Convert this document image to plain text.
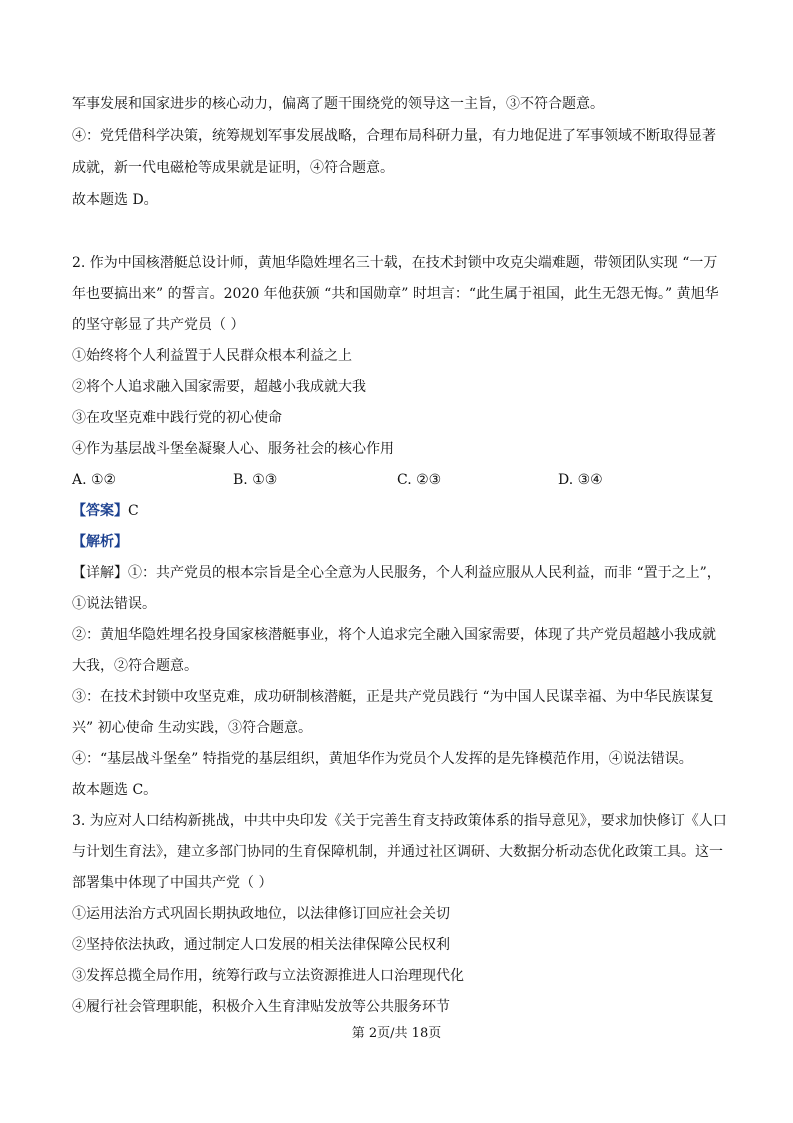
军事发展和国家进步的核心动力，偏离了题干围绕党的领导这一主旨，③不符合题意。
④：党凭借科学决策，统筹规划军事发展战略，合理布局科研力量，有力地促进了军事领域不断取得显著
成就，新一代电磁枪等成果就是证明，④符合题意。
故本题选 D。
2. 作为中国核潜艇总设计师，黄旭华隐姓埋名三十载，在技术封锁中攻克尖端难题，带领团队实现 “一万
年也要搞出来” 的誓言。2020 年他获颁 “共和国勋章” 时坦言：“此生属于祖国，此生无怨无悔。” 黄旭华
的坚守彰显了共产党员（ ）
①始终将个人利益置于人民群众根本利益之上
②将个人追求融入国家需要，超越小我成就大我
③在攻坚克难中践行党的初心使命
④作为基层战斗堡垒凝聚人心、服务社会的核心作用
A. ①②	B. ①③	C. ②③	D. ③④
【答案】C
【解析】
【详解】①：共产党员的根本宗旨是全心全意为人民服务，个人利益应服从人民利益，而非 “置于之上”，
①说法错误。
②：黄旭华隐姓埋名投身国家核潜艇事业，将个人追求完全融入国家需要，体现了共产党员超越小我成就
大我，②符合题意。
③：在技术封锁中攻坚克难，成功研制核潜艇，正是共产党员践行 “为中国人民谋幸福、为中华民族谋复
兴” 初心使命 生动实践，③符合题意。
④：“基层战斗堡垒” 特指党的基层组织，黄旭华作为党员个人发挥的是先锋模范作用，④说法错误。
故本题选 C。
3. 为应对人口结构新挑战，中共中央印发《关于完善生育支持政策体系的指导意见》，要求加快修订《人口
与计划生育法》，建立多部门协同的生育保障机制，并通过社区调研、大数据分析动态优化政策工具。这一
部署集中体现了中国共产党（ ）
①运用法治方式巩固长期执政地位，以法律修订回应社会关切
②坚持依法执政，通过制定人口发展的相关法律保障公民权利
③发挥总揽全局作用，统筹行政与立法资源推进人口治理现代化
④履行社会管理职能，积极介入生育津贴发放等公共服务环节
第 2页/共 18页
